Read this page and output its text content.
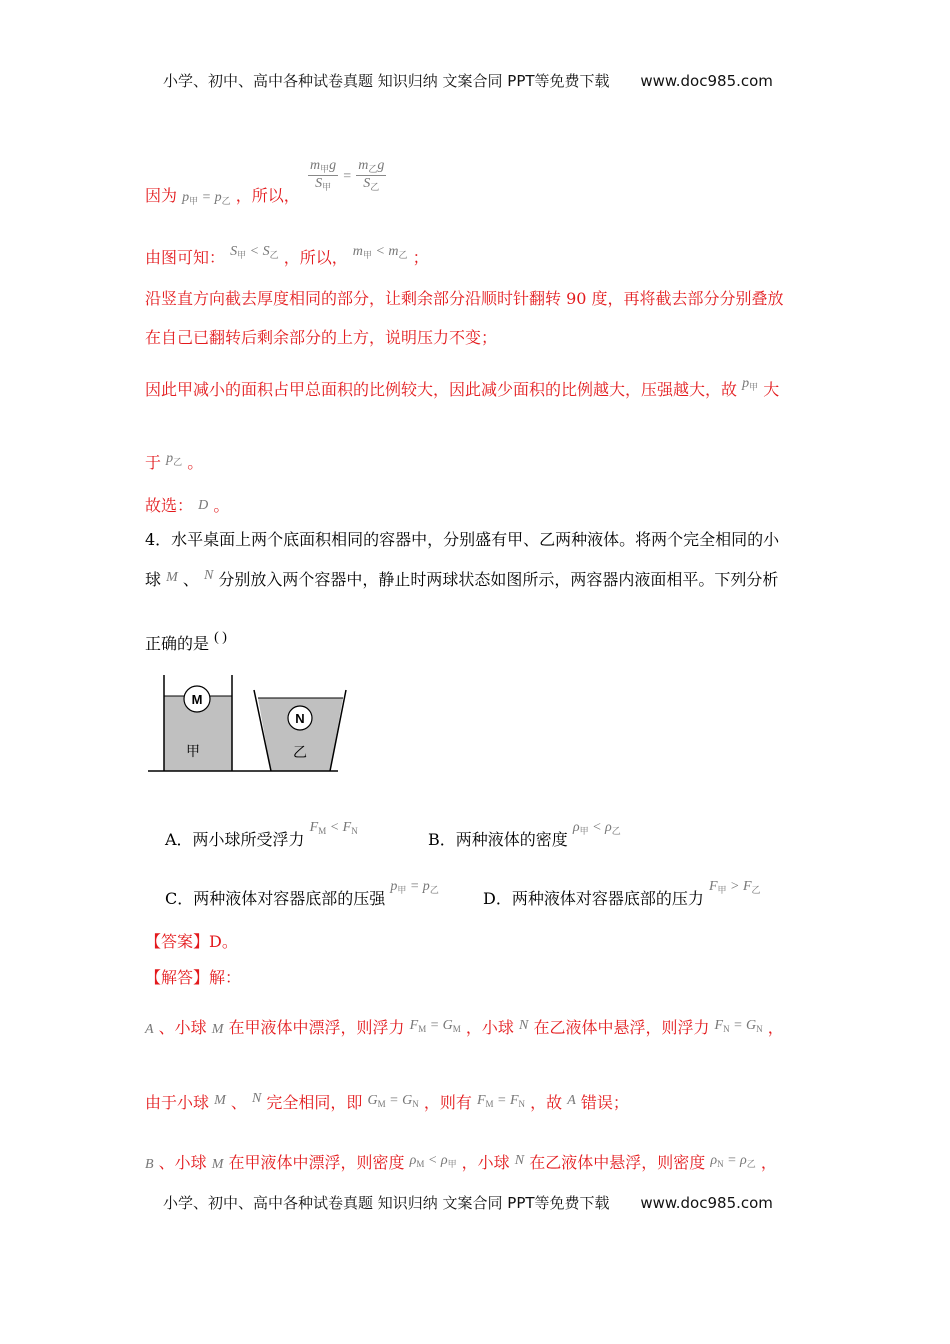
小学、初中、高中各种试卷真题 知识归纳 文案合同 PPT等免费下载 www.doc985.com
因为 $p_甲 = p_乙$ ，所以，
$\frac{m_甲g}{S_甲} = \frac{m_乙g}{S_乙}$
由图可知： $S_甲 < S_乙$ ，所以， $m_甲 < m_乙$ ；
沿竖直方向截去厚度相同的部分，让剩余部分沿顺时针翻转 90 度，再将截去部分分别叠放
在自己已翻转后剩余部分的上方，说明压力不变；
因此甲减小的面积占甲总面积的比例较大，因此减少面积的比例越大，压强越大，故 $p_甲$ 大
于 $p_乙$ 。
故选： D 。
4．水平桌面上两个底面积相同的容器中，分别盛有甲、乙两种液体。将两个完全相同的小
球 M 、 N 分别放入两个容器中，静止时两球状态如图所示，两容器内液面相平。下列分析
正确的是 ( )
M
甲
N
乙
A．两小球所受浮力 $F_M < F_N$	B．两种液体的密度 $\rho_甲 < \rho_乙$
C．两种液体对容器底部的压强 $p_甲 = p_乙$	D．两种液体对容器底部的压力 $F_甲 > F_乙$
【答案】D。
【解答】解：
A 、小球 M 在甲液体中漂浮，则浮力 $F_M = G_M$ ，小球 N 在乙液体中悬浮，则浮力 $F_N = G_N$ ，
由于小球 M 、 N 完全相同，即 $G_M = G_N$ ，则有 $F_M = F_N$ ，故 A 错误；
B 、小球 M 在甲液体中漂浮，则密度 $\rho_M < \rho_甲$ ，小球 N 在乙液体中悬浮，则密度 $\rho_N = \rho_乙$ ，
小学、初中、高中各种试卷真题 知识归纳 文案合同 PPT等免费下载 www.doc985.com
